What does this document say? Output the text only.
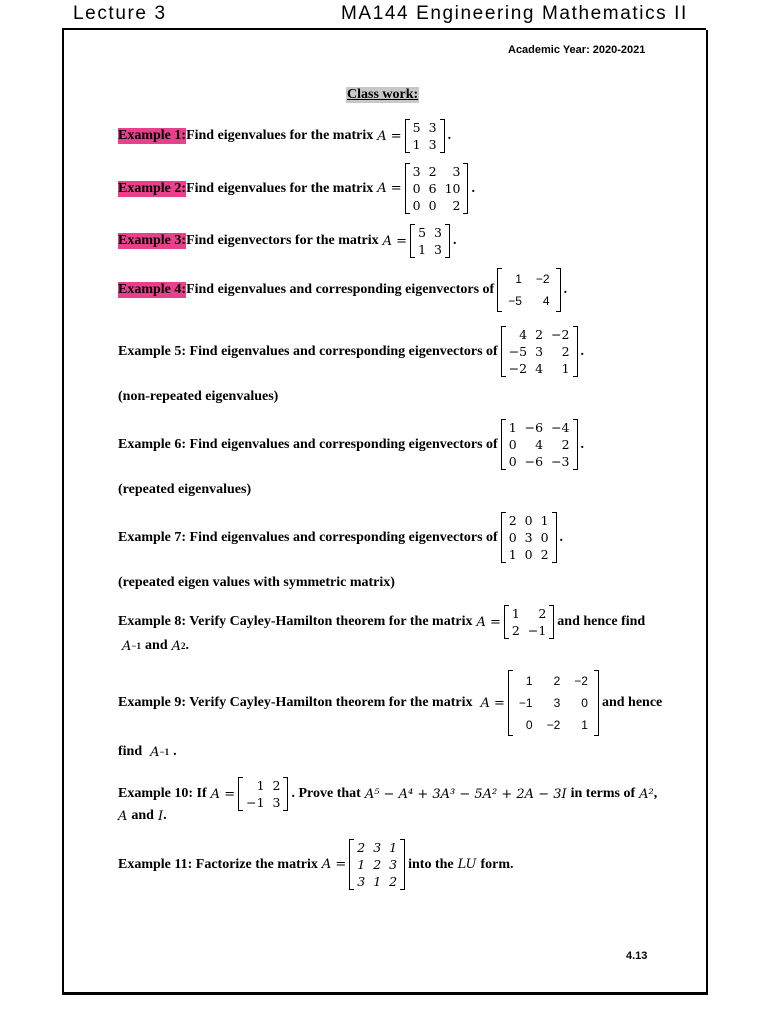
Lecture 3	MA144 Engineering Mathematics II
Academic Year: 2020-2021
Class work:
Example 1: Find eigenvalues for the matrix A =
5	3
1	3
.
Example 2: Find eigenvalues for the matrix A =
3	2	3
0	6	10
0	0	2
.
Example 3: Find eigenvectors for the matrix A =
5	3
1	3
.
Example 4: Find eigenvalues and corresponding eigenvectors of
1	−2
−5	4
.
Example 5: Find eigenvalues and corresponding eigenvectors of
4	2	−2
−5	3	2
−2	4	1
.
(non-repeated eigenvalues)
Example 6: Find eigenvalues and corresponding eigenvectors of
1	−6	−4
0	4	2
0	−6	−3
.
(repeated eigenvalues)
Example 7: Find eigenvalues and corresponding eigenvectors of
2	0	1
0	3	0
1	0	2
.
(repeated eigen values with symmetric matrix)
Example 8: Verify Cayley-Hamilton theorem for the matrix A =
1	2
2	−1
and hence find
A −1 and A 2 .
Example 9: Verify Cayley-Hamilton theorem for the matrix A =
1	2	−2
−1	3	0
0	−2	1
and hence
find A −1 .
Example 10: If A =
1	2
−1	3
. Prove that A⁵ − A⁴ + 3A³ − 5A² + 2A − 3I in terms of A² ,
A and I .
Example 11: Factorize the matrix A =
2	3	1
1	2	3
3	1	2
into the LU form.
4.13
